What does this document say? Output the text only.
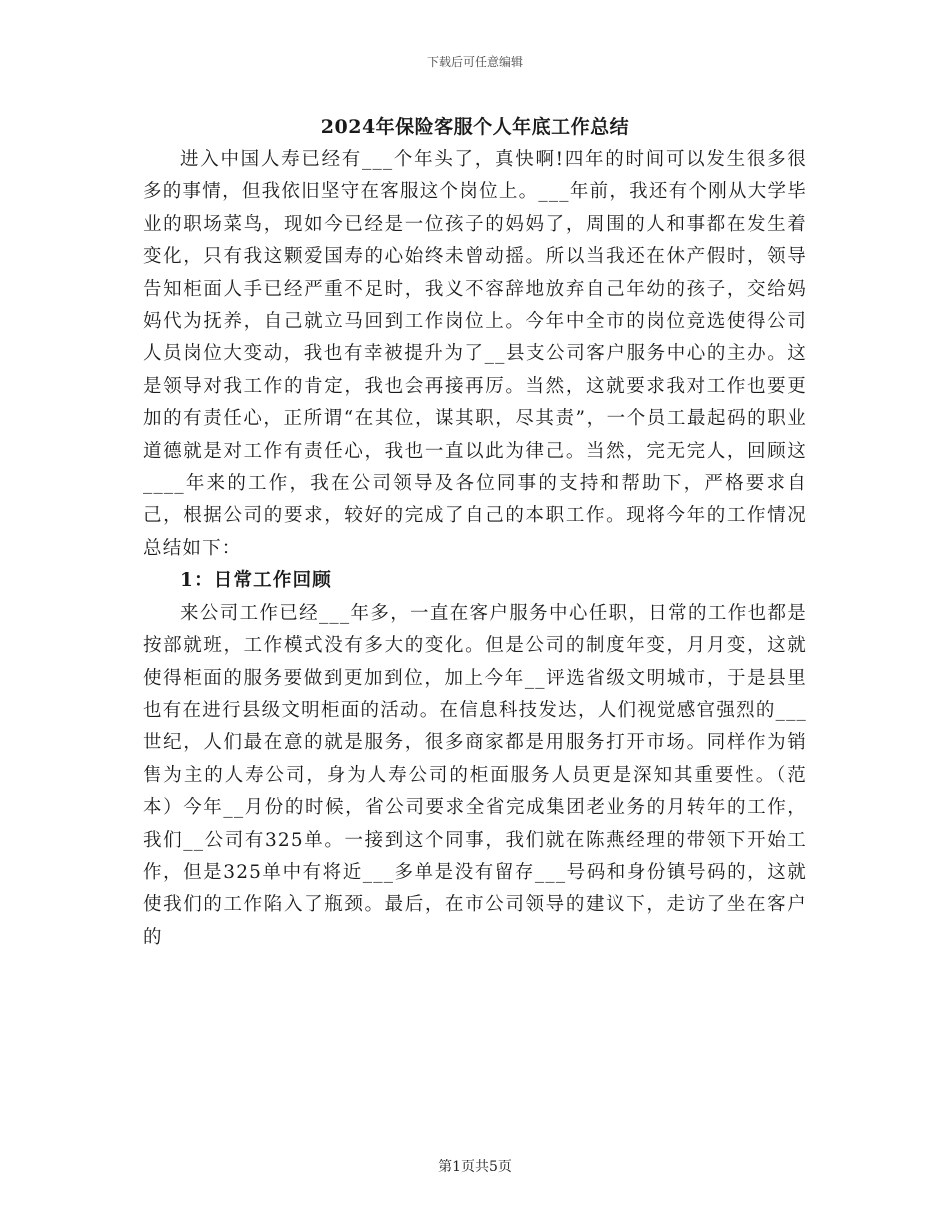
下载后可任意编辑
2024年保险客服个人年底工作总结

进入中国人寿已经有___个年头了，真快啊!四年的时间可以发生很多很多的事情，但我依旧坚守在客服这个岗位上。___年前，我还有个刚从大学毕业的职场菜鸟，现如今已经是一位孩子的妈妈了，周围的人和事都在发生着变化，只有我这颗爱国寿的心始终未曾动摇。所以当我还在休产假时，领导告知柜面人手已经严重不足时，我义不容辞地放弃自己年幼的孩子，交给妈妈代为抚养，自己就立马回到工作岗位上。今年中全市的岗位竞选使得公司人员岗位大变动，我也有幸被提升为了__县支公司客户服务中心的主办。这是领导对我工作的肯定，我也会再接再厉。当然，这就要求我对工作也要更加的有责任心，正所谓“在其位，谋其职，尽其责”，一个员工最起码的职业道德就是对工作有责任心，我也一直以此为律己。当然，完无完人，回顾这____年来的工作，我在公司领导及各位同事的支持和帮助下，严格要求自己，根据公司的要求，较好的完成了自己的本职工作。现将今年的工作情况总结如下：

1：日常工作回顾

来公司工作已经___年多，一直在客户服务中心任职，日常的工作也都是按部就班，工作模式没有多大的变化。但是公司的制度年变，月月变，这就使得柜面的服务要做到更加到位，加上今年__评选省级文明城市，于是县里也有在进行县级文明柜面的活动。在信息科技发达，人们视觉感官强烈的___世纪，人们最在意的就是服务，很多商家都是用服务打开市场。同样作为销售为主的人寿公司，身为人寿公司的柜面服务人员更是深知其重要性。（范本）今年__月份的时候，省公司要求全省完成集团老业务的月转年的工作，我们__公司有325单。一接到这个同事，我们就在陈燕经理的带领下开始工作，但是325单中有将近___多单是没有留存___号码和身份镇号码的，这就使我们的工作陷入了瓶颈。最后，在市公司领导的建议下，走访了坐在客户的

第1页共5页
